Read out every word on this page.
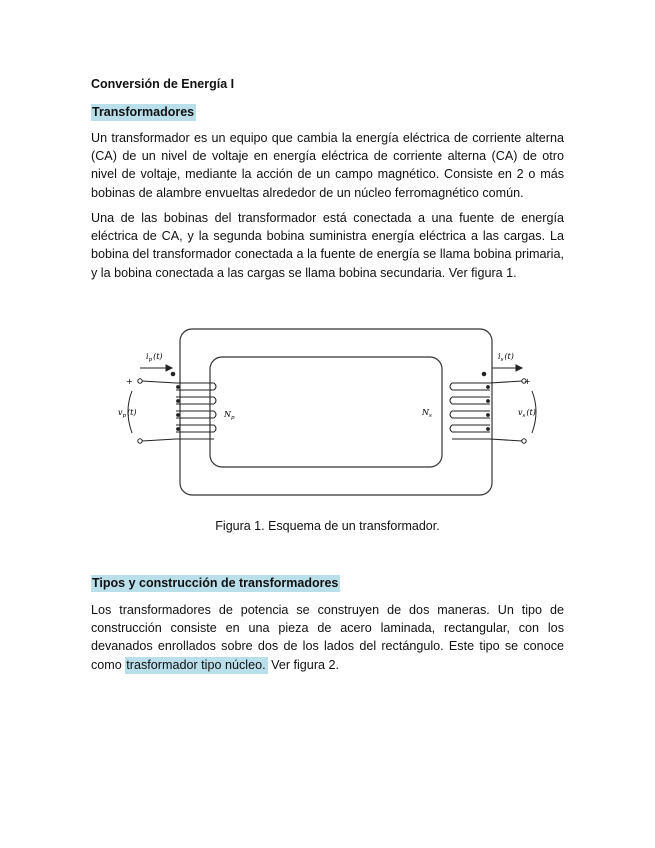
Conversión de Energía I

Transformadores

Un transformador es un equipo que cambia la energía eléctrica de corriente alterna
(CA) de un nivel de voltaje en energía eléctrica de corriente alterna (CA) de otro
nivel de voltaje, mediante la acción de un campo magnético. Consiste en 2 o más
bobinas de alambre envueltas alrededor de un núcleo ferromagnético común.
Una de las bobinas del transformador está conectada a una fuente de energía
eléctrica de CA, y la segunda bobina suministra energía eléctrica a las cargas. La
bobina del transformador conectada a la fuente de energía se llama bobina primaria,
y la bobina conectada a las cargas se llama bobina secundaria. Ver figura 1.
$i_p(t)$	$i_s(t)$
$v_p(t)$	$v_s(t)$
$N_p$
$N_s$
+	+

Figura 1. Esquema de un transformador.

Tipos y construcción de transformadores

Los transformadores de potencia se construyen de dos maneras. Un tipo de
construcción consiste en una pieza de acero laminada, rectangular, con los
devanados enrollados sobre dos de los lados del rectángulo. Este tipo se conoce
como trasformador tipo núcleo. Ver figura 2.
